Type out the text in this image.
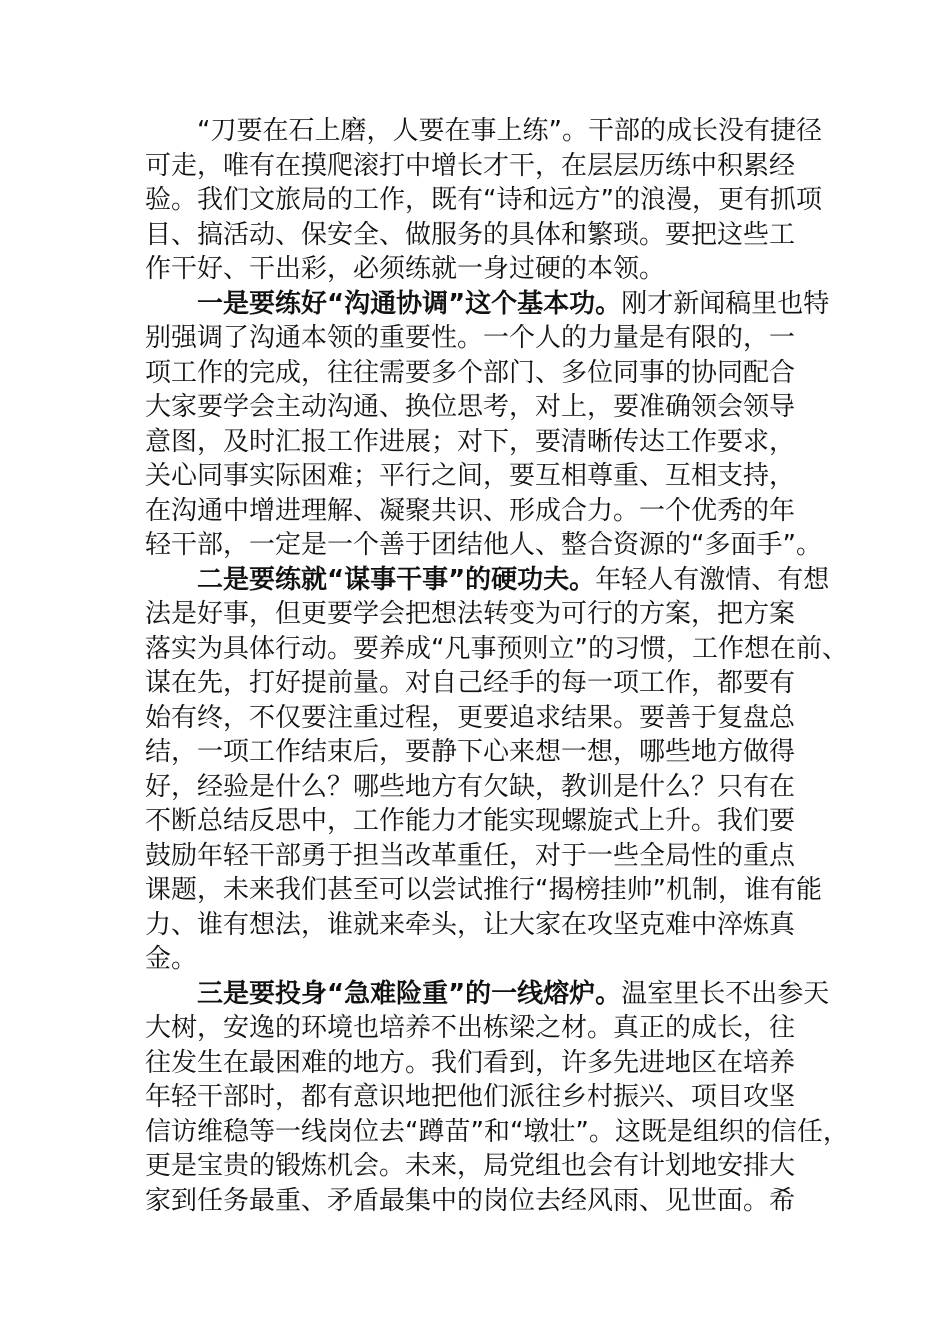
“刀要在石上磨，人要在事上练”。干部的成长没有捷径
可走，唯有在摸爬滚打中增长才干，在层层历练中积累经
验。我们文旅局的工作，既有“诗和远方”的浪漫，更有抓项
目、搞活动、保安全、做服务的具体和繁琐。要把这些工
作干好、干出彩，必须练就一身过硬的本领。
一是要练好“沟通协调”这个基本功。刚才新闻稿里也特
别强调了沟通本领的重要性。一个人的力量是有限的，一
项工作的完成，往往需要多个部门、多位同事的协同配合
大家要学会主动沟通、换位思考，对上，要准确领会领导
意图，及时汇报工作进展；对下，要清晰传达工作要求，
关心同事实际困难；平行之间，要互相尊重、互相支持，
在沟通中增进理解、凝聚共识、形成合力。一个优秀的年
轻干部，一定是一个善于团结他人、整合资源的“多面手”。
二是要练就“谋事干事”的硬功夫。年轻人有激情、有想
法是好事，但更要学会把想法转变为可行的方案，把方案
落实为具体行动。要养成“凡事预则立”的习惯，工作想在前、
谋在先，打好提前量。对自己经手的每一项工作，都要有
始有终，不仅要注重过程，更要追求结果。要善于复盘总
结，一项工作结束后，要静下心来想一想，哪些地方做得
好，经验是什么？哪些地方有欠缺，教训是什么？只有在
不断总结反思中，工作能力才能实现螺旋式上升。我们要
鼓励年轻干部勇于担当改革重任，对于一些全局性的重点
课题，未来我们甚至可以尝试推行“揭榜挂帅”机制，谁有能
力、谁有想法，谁就来牵头，让大家在攻坚克难中淬炼真
金。
三是要投身“急难险重”的一线熔炉。温室里长不出参天
大树，安逸的环境也培养不出栋梁之材。真正的成长，往
往发生在最困难的地方。我们看到，许多先进地区在培养
年轻干部时，都有意识地把他们派往乡村振兴、项目攻坚
信访维稳等一线岗位去“蹲苗”和“墩壮”。这既是组织的信任，
更是宝贵的锻炼机会。未来，局党组也会有计划地安排大
家到任务最重、矛盾最集中的岗位去经风雨、见世面。希
